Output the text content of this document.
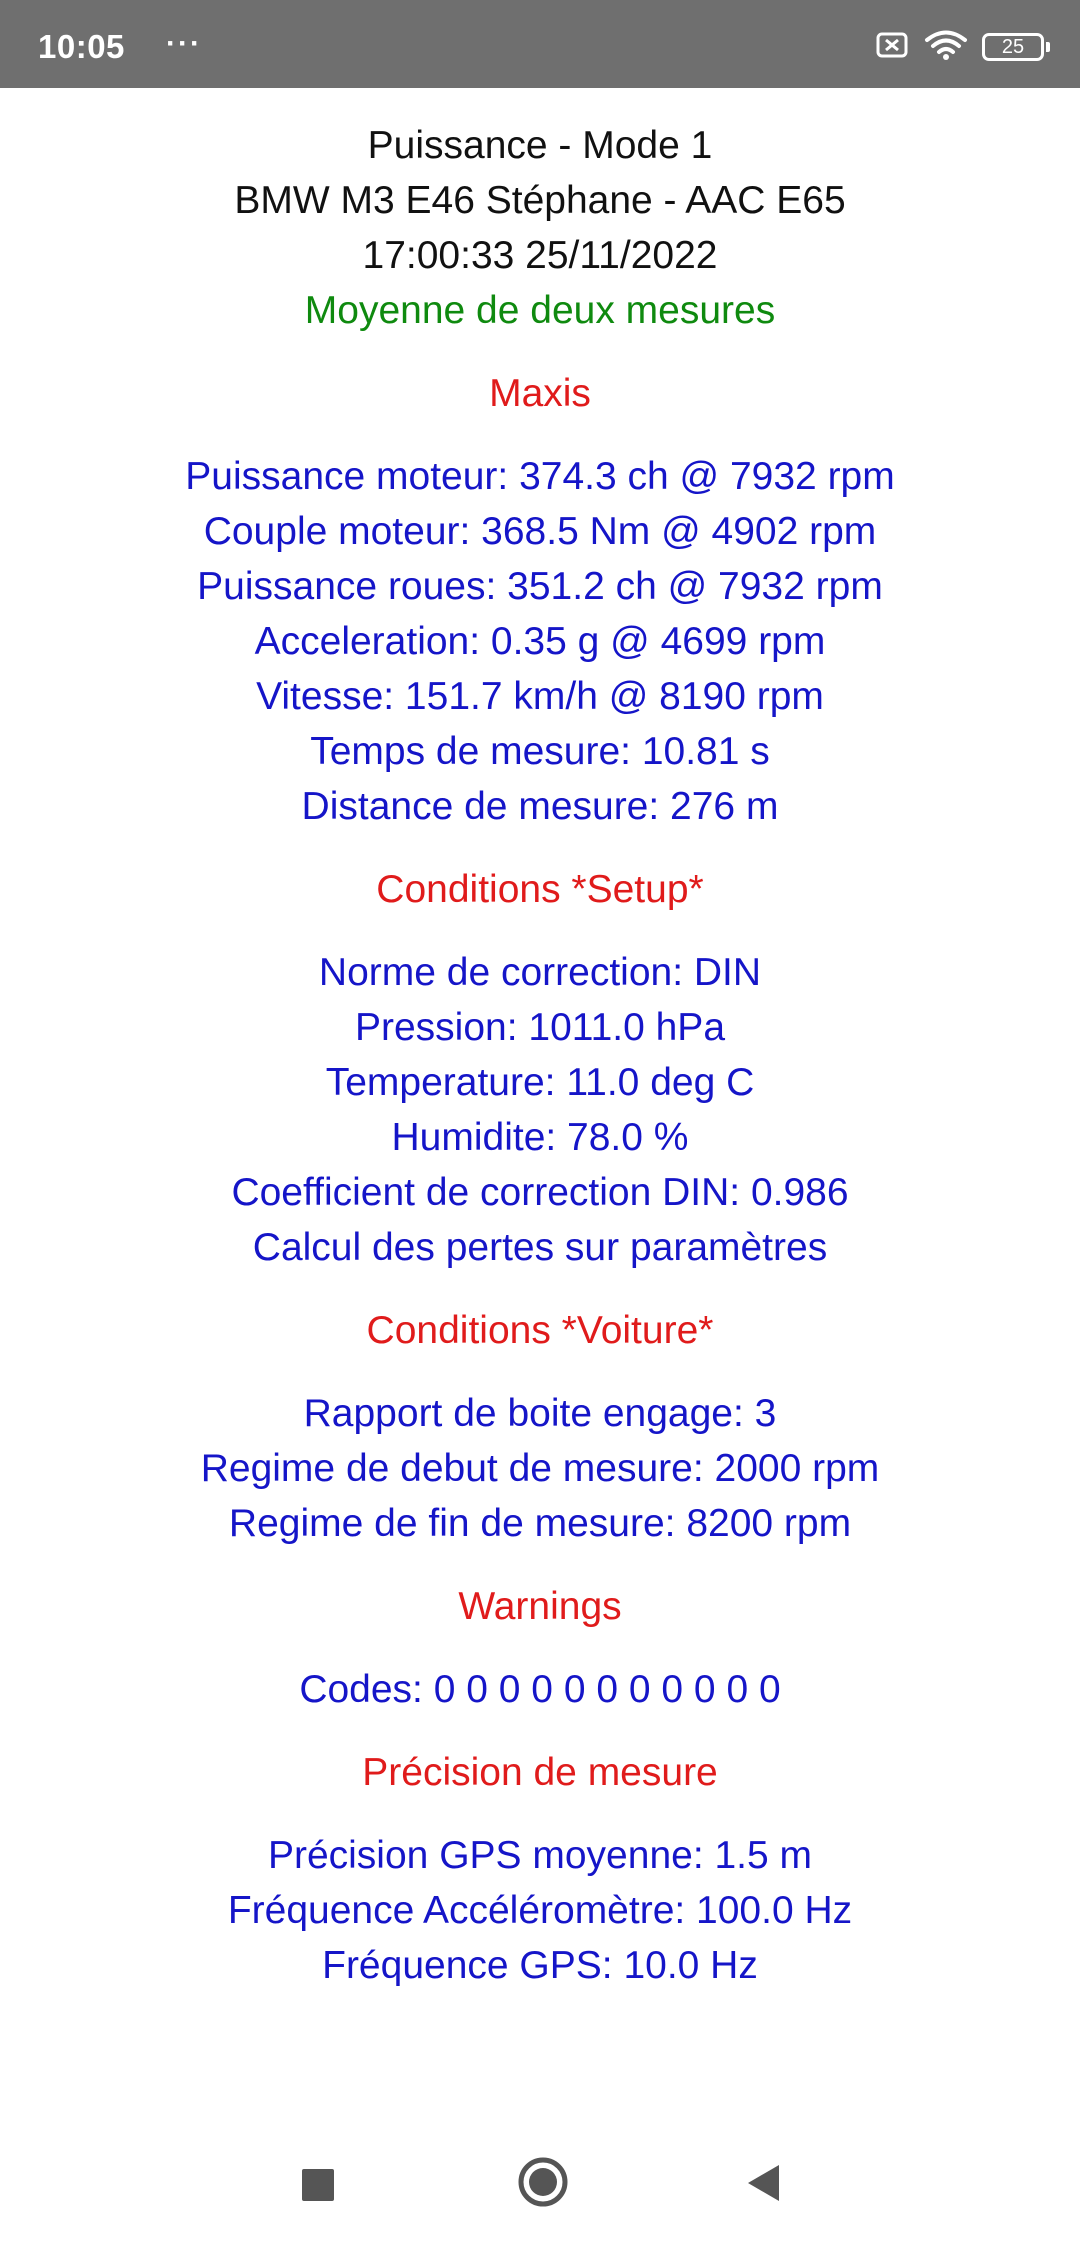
10:05 ···	25
Puissance - Mode 1
BMW M3 E46 Stéphane - AAC E65
17:00:33 25/11/2022
Moyenne de deux mesures
Maxis
Puissance moteur: 374.3 ch @ 7932 rpm
Couple moteur: 368.5 Nm @ 4902 rpm
Puissance roues: 351.2 ch @ 7932 rpm
Acceleration: 0.35 g @ 4699 rpm
Vitesse: 151.7 km/h @ 8190 rpm
Temps de mesure: 10.81 s
Distance de mesure: 276 m
Conditions *Setup*
Norme de correction: DIN
Pression: 1011.0 hPa
Temperature: 11.0 deg C
Humidite: 78.0 %
Coefficient de correction DIN: 0.986
Calcul des pertes sur paramètres
Conditions *Voiture*
Rapport de boite engage: 3
Regime de debut de mesure: 2000 rpm
Regime de fin de mesure: 8200 rpm
Warnings
Codes: 0 0 0 0 0 0 0 0 0 0 0
Précision de mesure
Précision GPS moyenne: 1.5 m
Fréquence Accéléromètre: 100.0 Hz
Fréquence GPS: 10.0 Hz
